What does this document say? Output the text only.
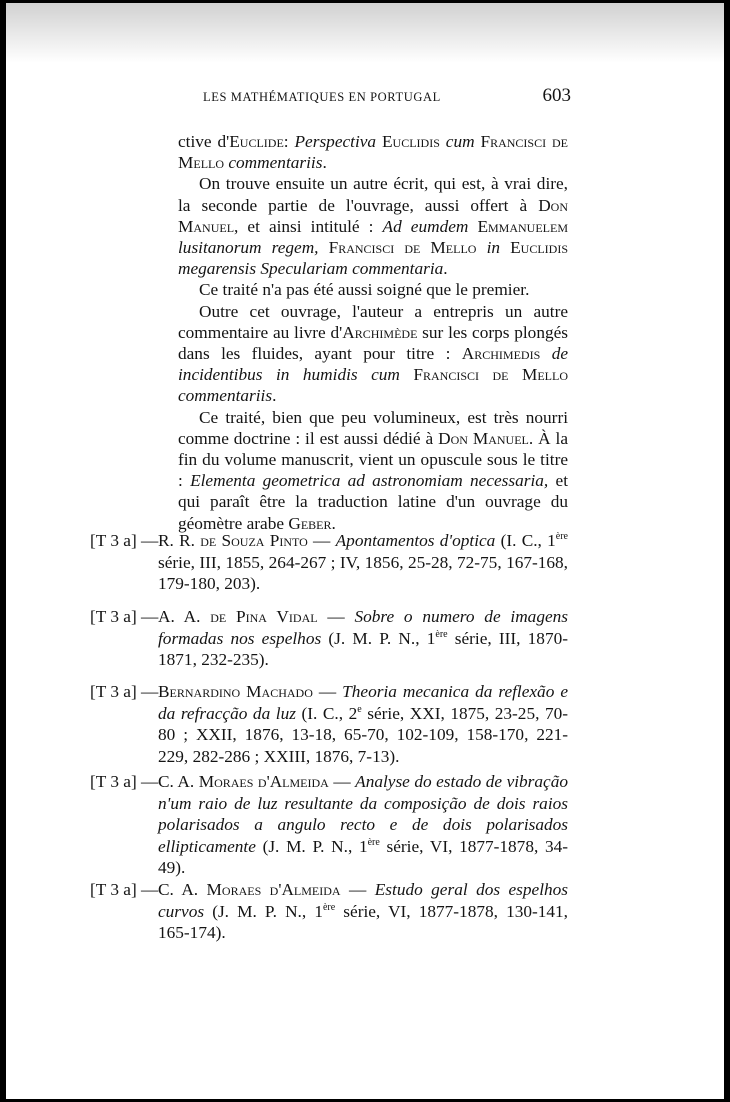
LES MATHÉMATIQUES EN PORTUGAL	603

ctive d'Euclide: Perspectiva Euclidis cum Francisci de Mello commentariis.

On trouve ensuite un autre écrit, qui est, à vrai dire, la seconde partie de l'ouvrage, aussi offert à Don Manuel, et ainsi intitulé : Ad eumdem Emmanuelem lusitanorum regem, Francisci de Mello in Euclidis megarensis Speculariam commentaria.

Ce traité n'a pas été aussi soigné que le premier.

Outre cet ouvrage, l'auteur a entrepris un autre commentaire au livre d'Archimède sur les corps plongés dans les fluides, ayant pour titre : Archimedis de incidentibus in humidis cum Francisci de Mello commentariis.

Ce traité, bien que peu volumineux, est très nourri comme doctrine : il est aussi dédié à Don Manuel. À la fin du volume manuscrit, vient un opuscule sous le titre : Elementa geometrica ad astronomiam necessaria, et qui paraît être la traduction latine d'un ouvrage du géomètre arabe Geber.

[T 3 a] — R. R. de Souza Pinto — Apontamentos d'optica (I. C., 1ère série, III, 1855, 264-267 ; IV, 1856, 25-28, 72-75, 167-168, 179-180, 203).
[T 3 a] — A. A. de Pina Vidal — Sobre o numero de imagens formadas nos espelhos (J. M. P. N., 1ère série, III, 1870-1871, 232-235).
[T 3 a] — Bernardino Machado — Theoria mecanica da reflexão e da refracção da luz (I. C., 2e série, XXI, 1875, 23-25, 70-80 ; XXII, 1876, 13-18, 65-70, 102-109, 158-170, 221-229, 282-286 ; XXIII, 1876, 7-13).
[T 3 a] — C. A. Moraes d'Almeida — Analyse do estado de vibração n'um raio de luz resultante da composição de dois raios polarisados a angulo recto e de dois polarisados ellipticamente (J. M. P. N., 1ère série, VI, 1877-1878, 34-49).
[T 3 a] — C. A. Moraes d'Almeida — Estudo geral dos espelhos curvos (J. M. P. N., 1ère série, VI, 1877-1878, 130-141, 165-174).
